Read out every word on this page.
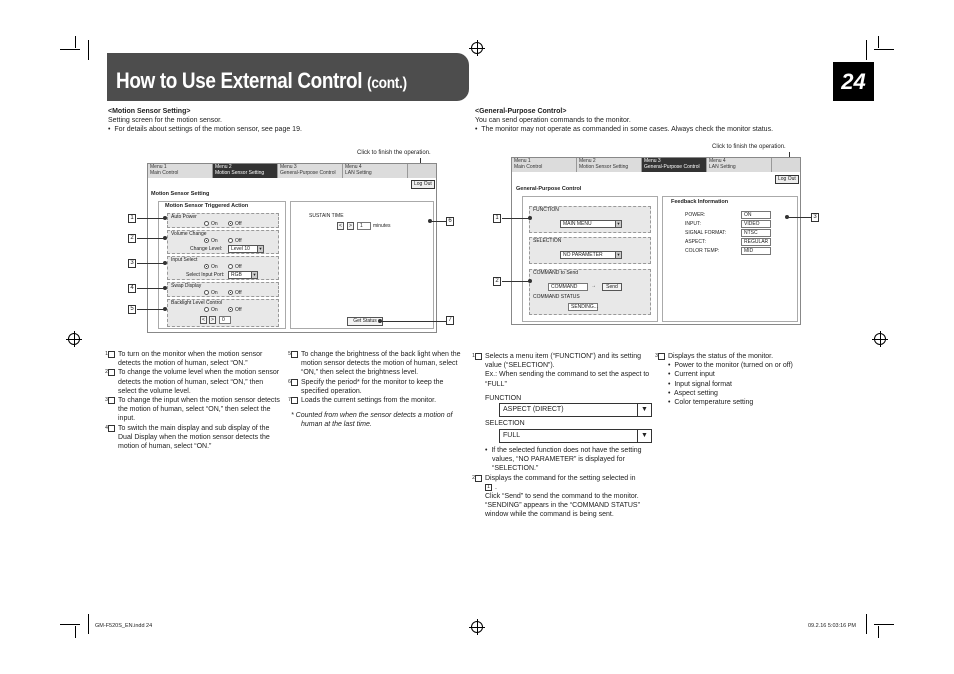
How to Use External Control (cont.)	24
<Motion Sensor Setting>
Setting screen for the motion sensor.
•  For details about settings of the motion sensor, see page 19.
Click to finish the operation.
Menu 1
Main Control
Menu 2
Motion Sensor Setting
Menu 3
General-Purpose Control
Menu 4
LAN Setting
Log Out
Motion Sensor Setting
Motion Sensor Triggered Action
Auto Power
On	Off
Volume Change
On	Off
Change Level:	Level 10	▼
Input Select
On	Off
Select Input Port:	RGB	▼
Swap Display
On	Off
Backlight Level Control
On	Off
<	>	0
SUSTAIN TIME
<	>	1	minutes
Get Status
1
2
3
4
5
6
7
1 To turn on the monitor when the motion sensor detects the motion of human, select “ON.”
2 To change the volume level when the motion sensor detects the motion of human, select “ON,” then select the volume level.
3 To change the input when the motion sensor detects the motion of human, select “ON,” then select the input.
4 To switch the main display and sub display of the Dual Display when the motion sensor detects the motion of human, select “ON.”
5 To change the brightness of the back light when the motion sensor detects the motion of human, select “ON,” then select the brightness level.
6 Specify the period* for the monitor to keep the specified operation.
7 Loads the current settings from the monitor.
* Counted from when the sensor detects a motion of human at the last time.
<General-Purpose Control>
You can send operation commands to the monitor.
•  The monitor may not operate as commanded in some cases. Always check the monitor status.
Click to finish the operation.
Menu 1
Main Control
Menu 2
Motion Sensor Setting
Menu 3
General-Purpose Control
Menu 4
LAN Setting
Log Out
General-Purpose Control
FUNCTION
MAIN MENU	▼
SELECTION
NO PARAMETER	▼
COMMAND to Send
COMMAND	→	Send
COMMAND STATUS
SENDING...
Feedback Information
POWER:	ON
INPUT:	VIDEO
SIGNAL FORMAT:	NTSC
ASPECT:	REGULAR
COLOR TEMP:	MID
1
2
3
1 Selects a menu item (“FUNCTION”) and its setting value (“SELECTION”).
Ex.: When sending the command to set the aspect to “FULL”
FUNCTION
ASPECT (DIRECT)	▼
SELECTION
FULL	▼
•  If the selected function does not have the setting values, “NO PARAMETER” is displayed for “SELECTION.”
2 Displays the command for the setting selected in
1 .
Click “Send” to send the command to the monitor. “SENDING” appears in the “COMMAND STATUS” window while the command is being sent.
3 Displays the status of the monitor.
•  Power to the monitor (turned on or off)
•  Current input
•  Input signal format
•  Aspect setting
•  Color temperature setting
GM-F520S_EN.indd 24	09.2.16 5:03:16 PM
